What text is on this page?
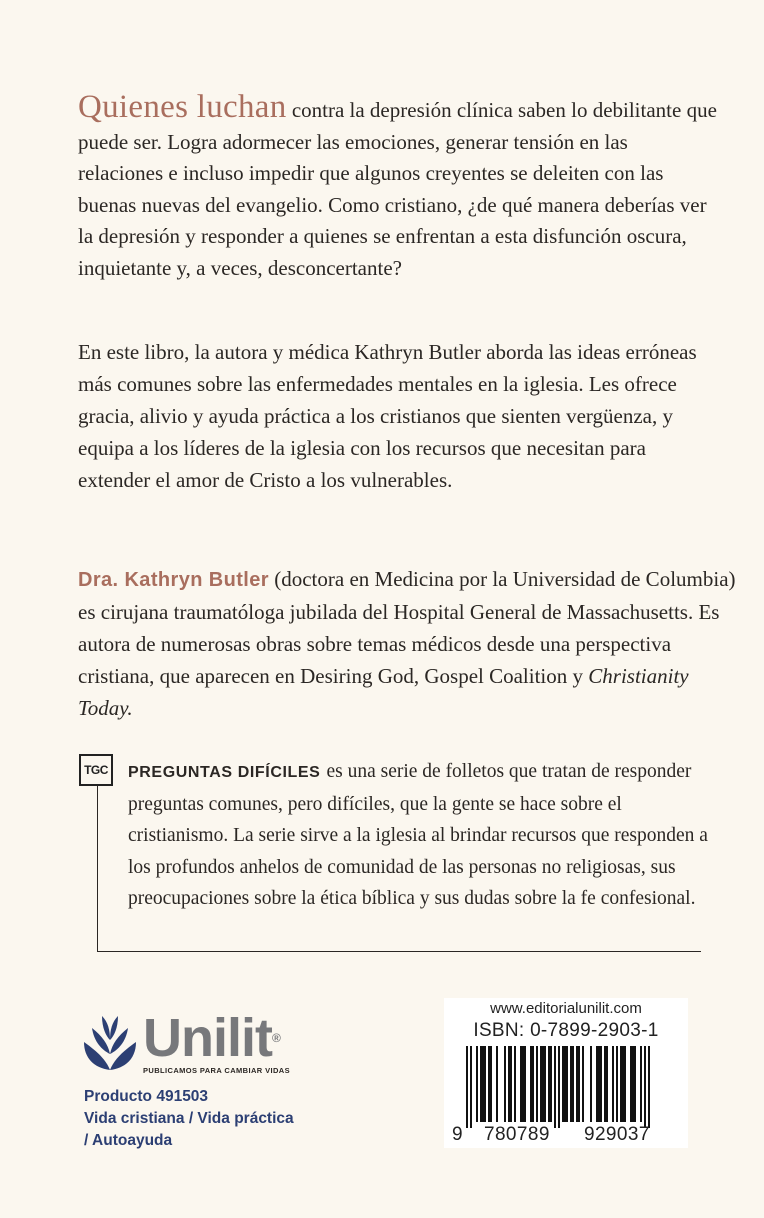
Quienes luchan contra la depresión clínica saben lo debilitante que puede ser. Logra adormecer las emociones, generar tensión en las relaciones e incluso impedir que algunos creyentes se deleiten con las buenas nuevas del evangelio. Como cristiano, ¿de qué manera deberías ver la depresión y responder a quienes se enfrentan a esta disfunción oscura, inquietante y, a veces, desconcertante?

En este libro, la autora y médica Kathryn Butler aborda las ideas erróneas más comunes sobre las enfermedades mentales en la iglesia. Les ofrece gracia, alivio y ayuda práctica a los cristianos que sienten vergüenza, y equipa a los líderes de la iglesia con los recursos que necesitan para extender el amor de Cristo a los vulnerables.

Dra. Kathryn Butler (doctora en Medicina por la Universidad de Columbia) es cirujana traumatóloga jubilada del Hospital General de Massachusetts. Es autora de numerosas obras sobre temas médicos desde una perspectiva cristiana, que aparecen en Desiring God, Gospel Coalition y Christianity Today.

TGC	PREGUNTAS DIFÍCILES es una serie de folletos que tratan de responder preguntas comunes, pero difíciles, que la gente se hace sobre el cristianismo. La serie sirve a la iglesia al brindar recursos que responden a los profundos anhelos de comunidad de las personas no religiosas, sus preocupaciones sobre la ética bíblica y sus dudas sobre la fe confesional.

Unilit®
PUBLICAMOS PARA CAMBIAR VIDAS
Producto 491503
Vida cristiana / Vida práctica
/ Autoayuda
www.editorialunilit.com
ISBN: 0-7899-2903-1
9 780789 929037
